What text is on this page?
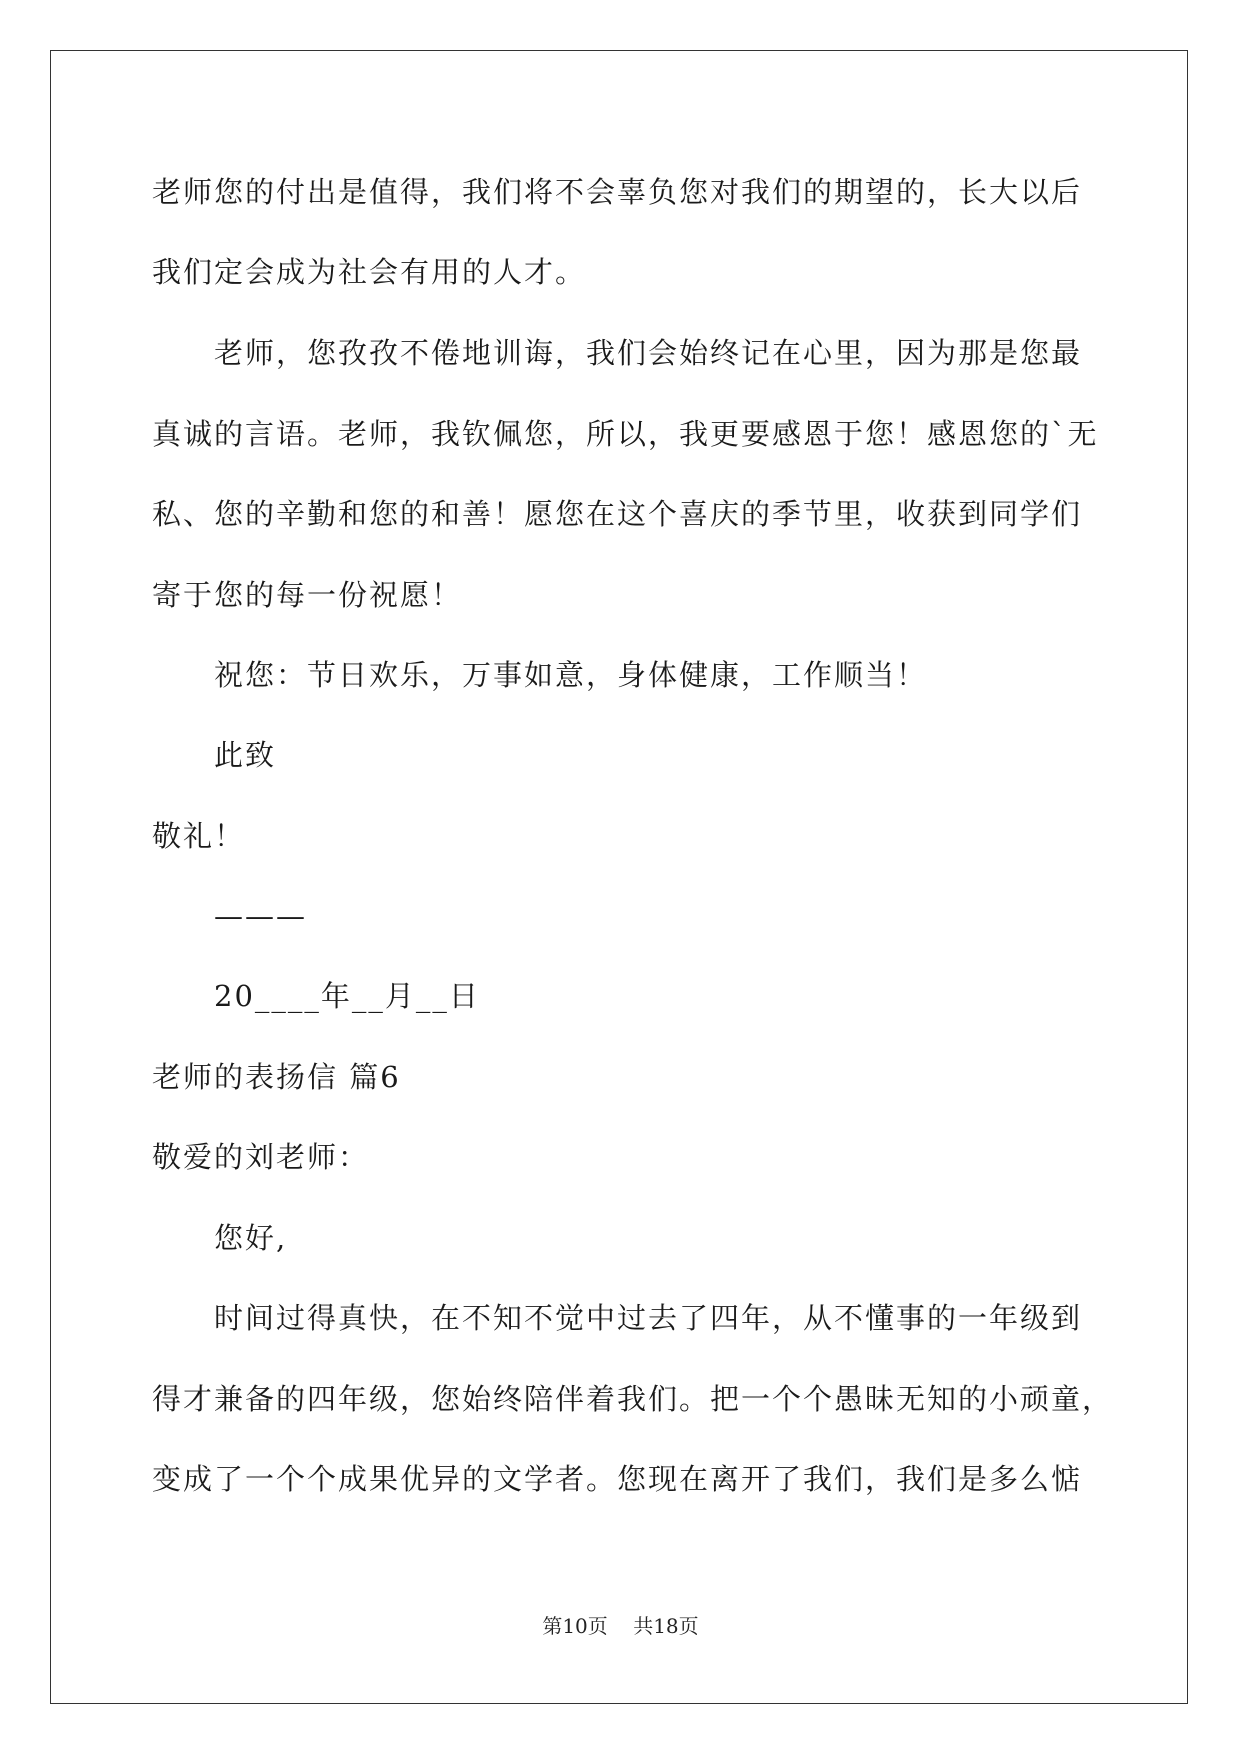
老师您的付出是值得，我们将不会辜负您对我们的期望的，长大以后
我们定会成为社会有用的人才。
老师，您孜孜不倦地训诲，我们会始终记在心里，因为那是您最
真诚的言语。老师，我钦佩您，所以，我更要感恩于您！感恩您的`无
私、您的辛勤和您的和善！愿您在这个喜庆的季节里，收获到同学们
寄于您的每一份祝愿！
祝您：节日欢乐，万事如意，身体健康，工作顺当！
此致
敬礼！
———
20____年__月__日
老师的表扬信 篇6
敬爱的刘老师：
您好,
时间过得真快，在不知不觉中过去了四年，从不懂事的一年级到
得才兼备的四年级，您始终陪伴着我们。把一个个愚昧无知的小顽童，
变成了一个个成果优异的文学者。您现在离开了我们，我们是多么惦
第10页    共18页
